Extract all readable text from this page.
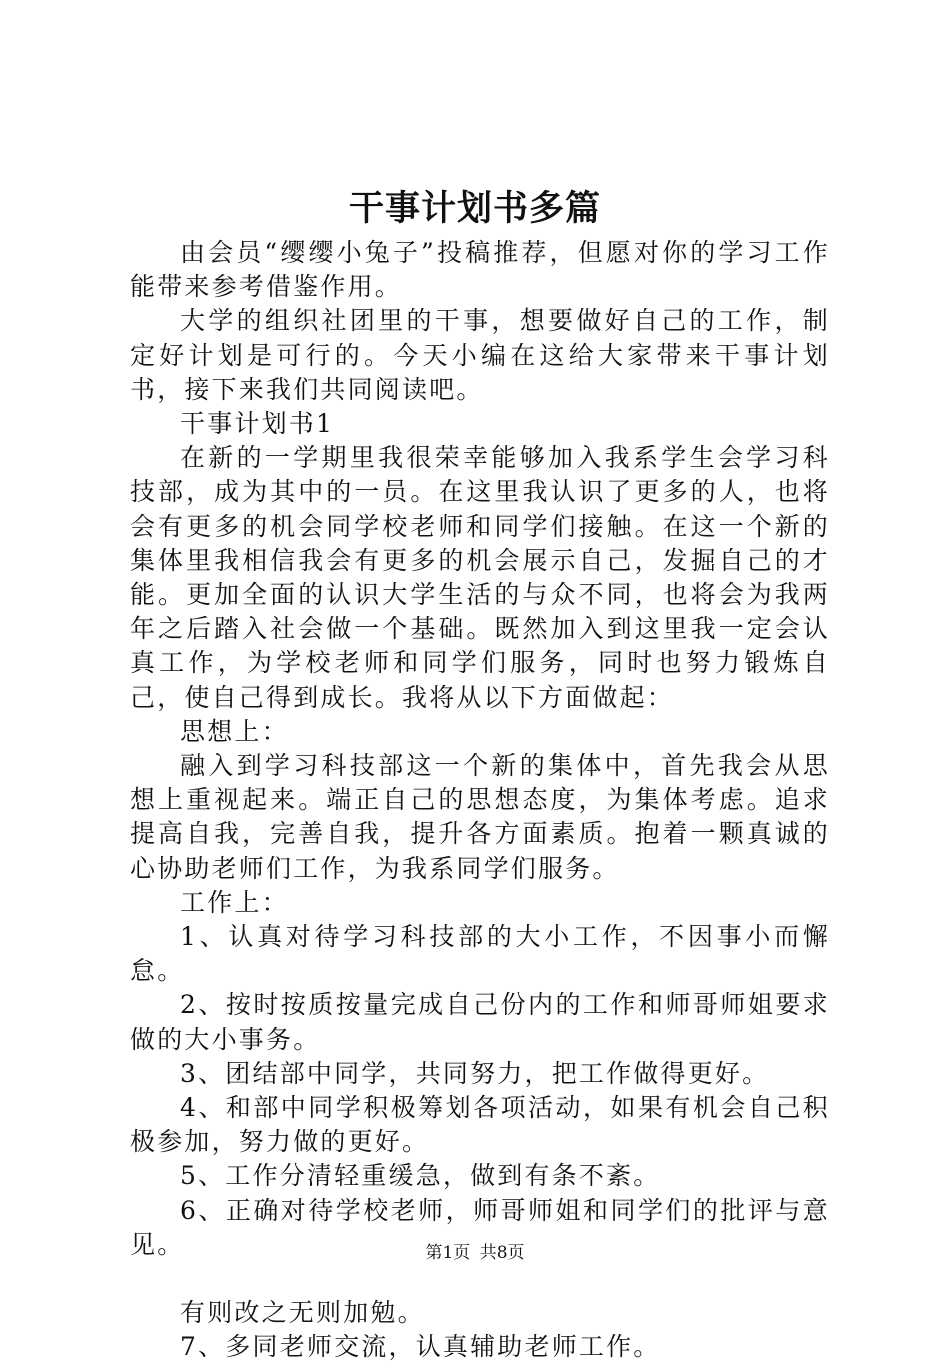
干事计划书多篇

由会员“缨缨小兔子”投稿推荐，但愿对你的学习工作能带来参考借鉴作用。

大学的组织社团里的干事，想要做好自己的工作，制定好计划是可行的。今天小编在这给大家带来干事计划书，接下来我们共同阅读吧。

干事计划书1

在新的一学期里我很荣幸能够加入我系学生会学习科技部，成为其中的一员。在这里我认识了更多的人，也将会有更多的机会同学校老师和同学们接触。在这一个新的集体里我相信我会有更多的机会展示自己，发掘自己的才能。更加全面的认识大学生活的与众不同，也将会为我两年之后踏入社会做一个基础。既然加入到这里我一定会认真工作，为学校老师和同学们服务，同时也努力锻炼自己，使自己得到成长。我将从以下方面做起：

思想上：

融入到学习科技部这一个新的集体中，首先我会从思想上重视起来。端正自己的思想态度，为集体考虑。追求提高自我，完善自我，提升各方面素质。抱着一颗真诚的心协助老师们工作，为我系同学们服务。

工作上：

1、认真对待学习科技部的大小工作，不因事小而懈怠。

2、按时按质按量完成自己份内的工作和师哥师姐要求做的大小事务。

3、团结部中同学，共同努力，把工作做得更好。

4、和部中同学积极筹划各项活动，如果有机会自己积极参加，努力做的更好。

5、工作分清轻重缓急，做到有条不紊。

6、正确对待学校老师，师哥师姐和同学们的批评与意见。

有则改之无则加勉。

7、多同老师交流，认真辅助老师工作。

第1页 共8页
